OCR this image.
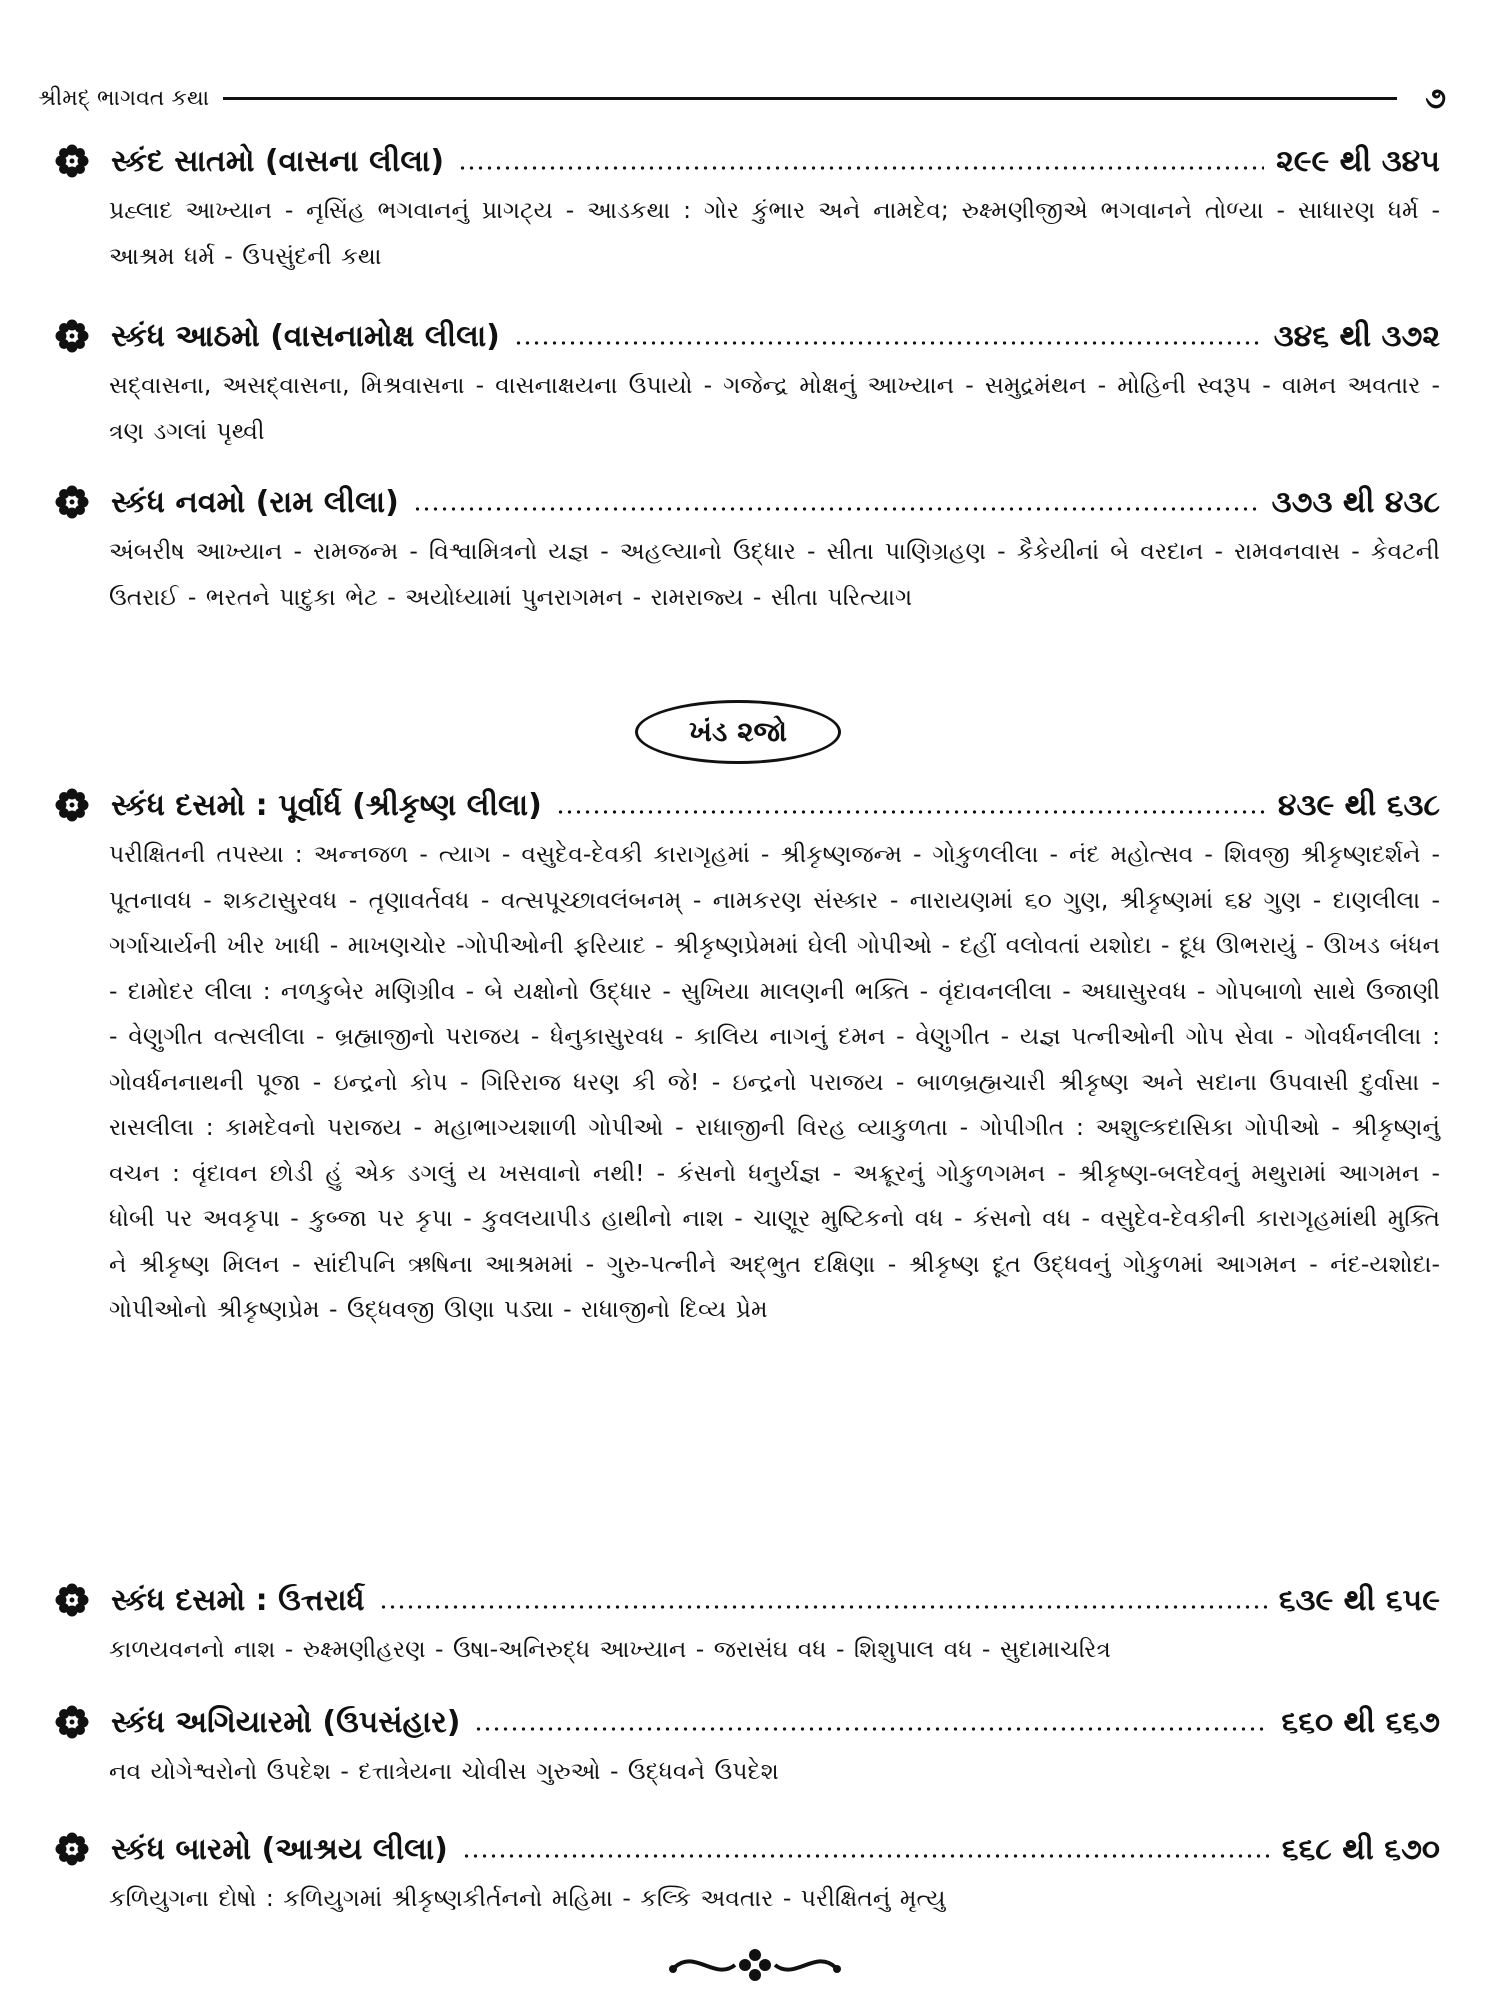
શ્રીમદ્ ભાગવત કથા	૭
સ્કંદ સાતમો (વાસના લીલા)	૨૯૯ થી ૩૪૫
પ્રહ્લાદ આખ્યાન - નૃસિંહ ભગવાનનું પ્રાગટ્ય - આડકથા : ગોર કુંભાર અને નામદેવ; રુક્ષ્મણીજીએ ભગવાનને તોળ્યા - સાધારણ ધર્મ - આશ્રમ ધર્મ - ઉપસુંદની કથા
સ્કંધ આઠમો (વાસનામોક્ષ લીલા)	૩૪૬ થી ૩૭૨
સદ્‌વાસના, અસદ્‌વાસના, મિશ્રવાસના - વાસનાક્ષયના ઉપાયો - ગજેન્દ્ર મોક્ષનું આખ્યાન - સમુદ્રમંથન - મોહિની સ્વરૂપ - વામન અવતાર - ત્રણ ડગલાં પૃથ્વી
સ્કંધ નવમો (રામ લીલા)	૩૭૩ થી ૪૩૮
અંબરીષ આખ્યાન - રામજન્મ - વિશ્વામિત્રનો યજ્ઞ - અહલ્યાનો ઉદ્ધાર - સીતા પાણિગ્રહણ - કૈકેયીનાં બે વરદાન - રામવનવાસ - કેવટની ઉતરાઈ - ભરતને પાદુકા ભેટ - અયોધ્યામાં પુનરાગમન - રામરાજ્ય - સીતા પરિત્યાગ
ખંડ ૨જો
સ્કંધ દસમો : પૂર્વાર્ધ (શ્રીકૃષ્ણ લીલા)	૪૩૯ થી ૬૩૮
પરીક્ષિતની તપસ્યા : અન્નજળ - ત્યાગ - વસુદેવ-દેવકી કારાગૃહમાં - શ્રીકૃષ્ણજન્મ - ગોકુળલીલા - નંદ મહોત્સવ - શિવજી શ્રીકૃષ્ણદર્શને - પૂતનાવધ - શકટાસુરવધ - તૃણાવર્તવધ - વત્સપૂચ્છાવલંબનમ્ - નામકરણ સંસ્કાર - નારાયણમાં ૬૦ ગુણ, શ્રીકૃષ્ણમાં ૬૪ ગુણ - દાણલીલા - ગર્ગાચાર્યની ખીર ખાધી - માખણચોર -ગોપીઓની ફરિયાદ - શ્રીકૃષ્ણપ્રેમમાં ઘેલી ગોપીઓ - દહીં વલોવતાં યશોદા - દૂધ ઊભરાયું - ઊખડ બંધન - દામોદર લીલા : નળકુબેર મણિગ્રીવ - બે યક્ષોનો ઉદ્ધાર - સુખિયા માલણની ભક્તિ - વૃંદાવનલીલા - અઘાસુરવધ - ગોપબાળો સાથે ઉજાણી - વેણુગીત વત્સલીલા - બ્રહ્માજીનો પરાજય - ધેનુકાસુરવધ - કાલિય નાગનું દમન - વેણુગીત - યજ્ઞ પત્નીઓની ગોપ સેવા - ગોવર્ધનલીલા : ગોવર્ધનનાથની પૂજા - ઇન્દ્રનો કોપ - ગિરિરાજ ધરણ કી જે! - ઇન્દ્રનો પરાજય - બાળબ્રહ્મચારી શ્રીકૃષ્ણ અને સદાના ઉપવાસી દુર્વાસા - રાસલીલા : કામદેવનો પરાજય - મહાભાગ્યશાળી ગોપીઓ - રાધાજીની વિરહ વ્યાકુળતા - ગોપીગીત : અશુલ્કદાસિકા ગોપીઓ - શ્રીકૃષ્ણનું વચન : વૃંદાવન છોડી હું એક ડગલું ય ખસવાનો નથી! - કંસનો ધનુર્યજ્ઞ - અક્રૂરનું ગોકુળગમન - શ્રીકૃષ્ણ-બલદેવનું મથુરામાં આગમન - ધોબી પર અવકૃપા - કુબ્જા પર કૃપા - કુવલયાપીડ હાથીનો નાશ - ચાણૂર મુષ્ટિકનો વધ - કંસનો વધ - વસુદેવ-દેવકીની કારાગૃહમાંથી મુક્તિ ને શ્રીકૃષ્ણ મિલન - સાંદીપનિ ઋષિના આશ્રમમાં - ગુરુ-પત્નીને અદ્ભુત દક્ષિણા - શ્રીકૃષ્ણ દૂત ઉદ્ધવનું ગોકુળમાં આગમન - નંદ-યશોદા-ગોપીઓનો શ્રીકૃષ્ણપ્રેમ - ઉદ્ધવજી ઊણા પડ્યા - રાધાજીનો દિવ્ય પ્રેમ
સ્કંધ દસમો : ઉત્તરાર્ધ	૬૩૯ થી ૬૫૯
કાળયવનનો નાશ - રુક્ષ્મણીહરણ - ઉષા-અનિરુદ્ધ આખ્યાન - જરાસંઘ વધ - શિશુપાલ વધ - સુદામાચરિત્ર
સ્કંધ અગિયારમો (ઉપસંહાર)	૬૬૦ થી ૬૬૭
નવ યોગેશ્વરોનો ઉપદેશ - દત્તાત્રેયના ચોવીસ ગુરુઓ - ઉદ્ધવને ઉપદેશ
સ્કંધ બારમો (આશ્રય લીલા)	૬૬૮ થી ૬૭૦
કળિયુગના દોષો : કળિયુગમાં શ્રીકૃષ્ણકીર્તનનો મહિમા - કલ્કિ અવતાર - પરીક્ષિતનું મૃત્યુ
